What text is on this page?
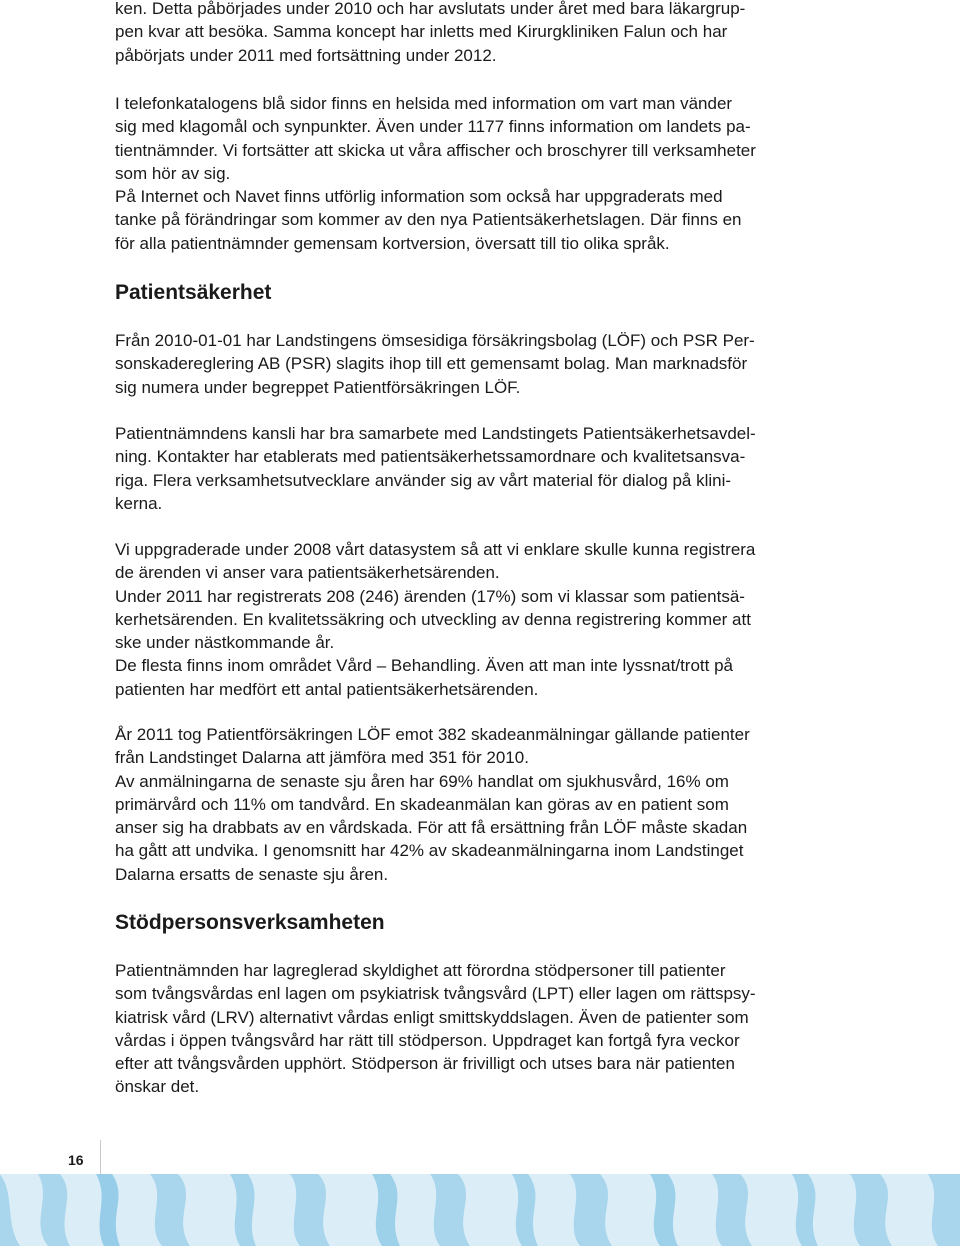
ken. Detta påbörjades under 2010 och har avslutats under året med bara läkargrup-
pen kvar att besöka. Samma koncept har inletts med Kirurgkliniken Falun och har
påbörjats under 2011 med fortsättning under 2012.

I telefonkatalogens blå sidor finns en helsida med information om vart man vänder
sig med klagomål och synpunkter. Även under 1177 finns information om landets pa-
tientnämnder. Vi fortsätter att skicka ut våra affischer och broschyrer till verksamheter
som hör av sig.
På Internet och Navet finns utförlig information som också har uppgraderats med
tanke på förändringar som kommer av den nya Patientsäkerhetslagen. Där finns en
för alla patientnämnder gemensam kortversion, översatt till tio olika språk.

Patientsäkerhet

Från 2010-01-01 har Landstingens ömsesidiga försäkringsbolag (LÖF) och PSR Per-
sonskadereglering AB (PSR) slagits ihop till ett gemensamt bolag. Man marknadsför
sig numera under begreppet Patientförsäkringen LÖF.

Patientnämndens kansli har bra samarbete med Landstingets Patientsäkerhetsavdel-
ning. Kontakter har etablerats med patientsäkerhetssamordnare och kvalitetsansva-
riga. Flera verksamhetsutvecklare använder sig av vårt material för dialog på klini-
kerna.

Vi uppgraderade under 2008 vårt datasystem så att vi enklare skulle kunna registrera
de ärenden vi anser vara patientsäkerhetsärenden.
Under 2011 har registrerats 208 (246) ärenden (17%) som vi klassar som patientsä-
kerhetsärenden. En kvalitetssäkring och utveckling av denna registrering kommer att
ske under nästkommande år.
De flesta finns inom området Vård – Behandling. Även att man inte lyssnat/trott på
patienten har medfört ett antal patientsäkerhetsärenden.

År 2011 tog Patientförsäkringen LÖF emot 382 skadeanmälningar gällande patienter
från Landstinget Dalarna att jämföra med 351 för 2010.
Av anmälningarna de senaste sju åren har 69% handlat om sjukhusvård, 16% om
primärvård och 11% om tandvård. En skadeanmälan kan göras av en patient som
anser sig ha drabbats av en vårdskada. För att få ersättning från LÖF måste skadan
ha gått att undvika. I genomsnitt har 42% av skadeanmälningarna inom Landstinget
Dalarna ersatts de senaste sju åren.

Stödpersonsverksamheten

Patientnämnden har lagreglerad skyldighet att förordna stödpersoner till patienter
som tvångsvårdas enl lagen om psykiatrisk tvångsvård (LPT) eller lagen om rättspsy-
kiatrisk vård (LRV) alternativt vårdas enligt smittskyddslagen. Även de patienter som
vårdas i öppen tvångsvård har rätt till stödperson. Uppdraget kan fortgå fyra veckor
efter att tvångsvården upphört. Stödperson är frivilligt och utses bara när patienten
önskar det.

16
